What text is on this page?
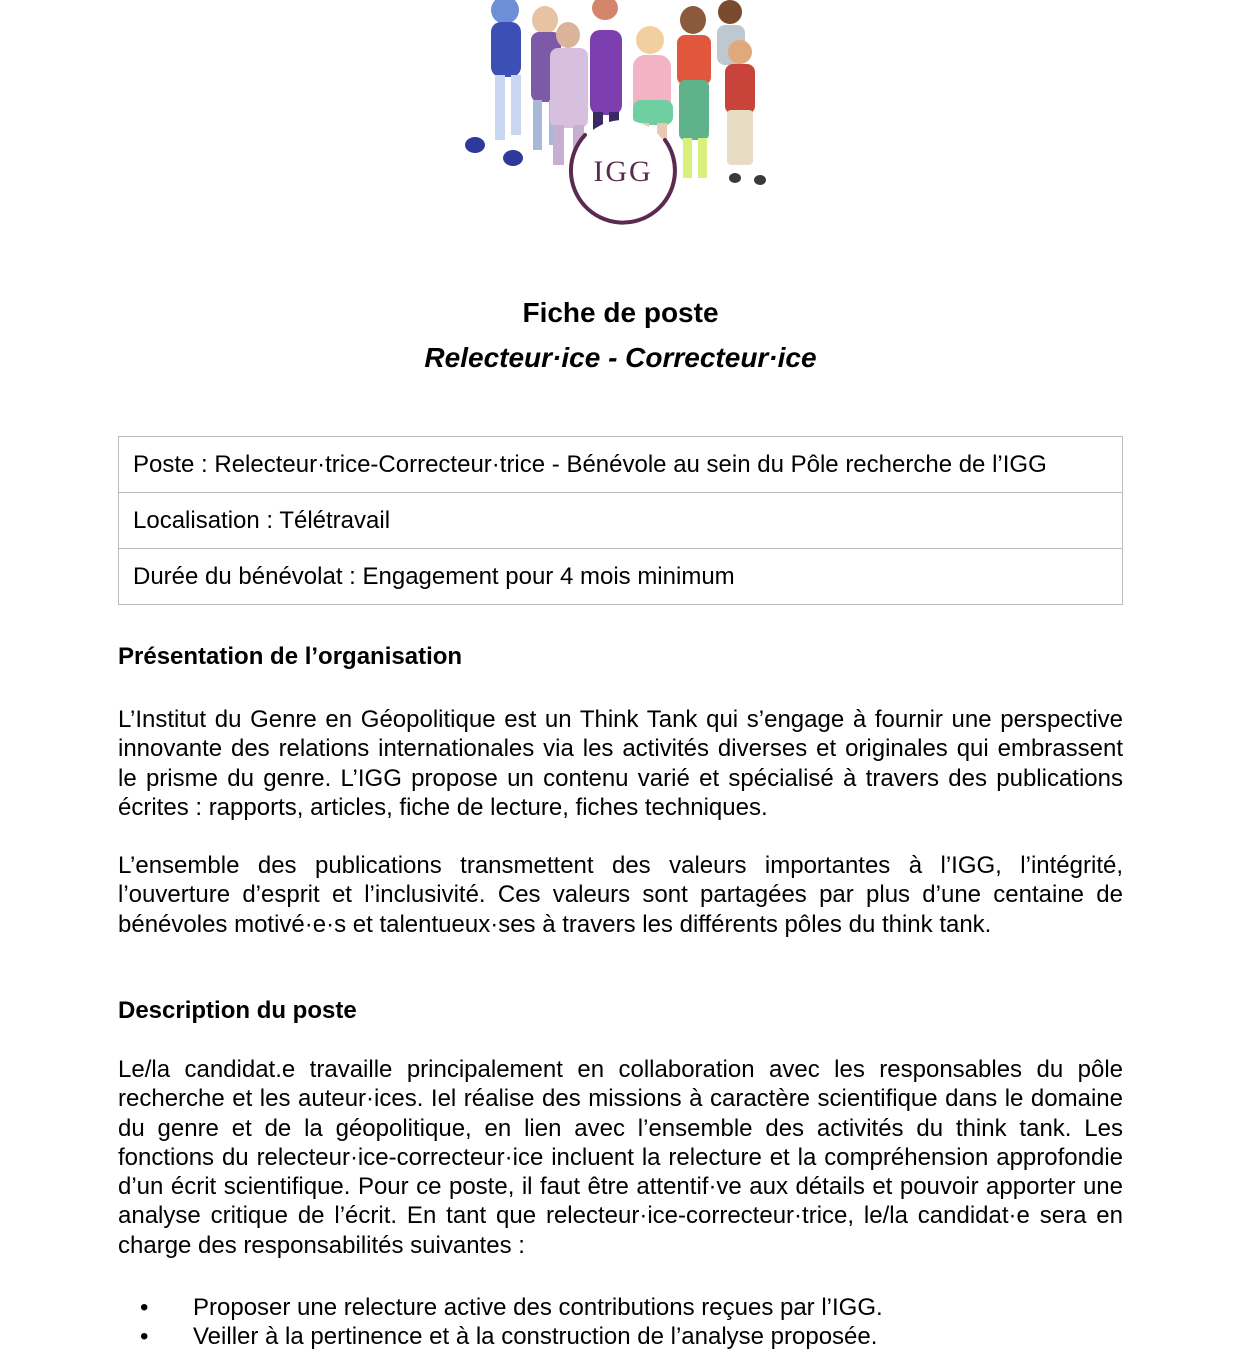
IGG
Fiche de poste
Relecteur·ice - Correcteur·ice
Poste : Relecteur·trice-Correcteur·trice - Bénévole au sein du Pôle recherche de l’IGG
Localisation : Télétravail
Durée du bénévolat : Engagement pour 4 mois minimum
Présentation de l’organisation

L’Institut du Genre en Géopolitique est un Think Tank qui s’engage à fournir une perspective innovante des relations internationales via les activités diverses et originales qui embrassent le prisme du genre. L’IGG propose un contenu varié et spécialisé à travers des publications écrites : rapports, articles, fiche de lecture, fiches techniques.

L’ensemble des publications transmettent des valeurs importantes à l’IGG, l’intégrité, l’ouverture d’esprit et l’inclusivité. Ces valeurs sont partagées par plus d’une centaine de bénévoles motivé·e·s et talentueux·ses à travers les différents pôles du think tank.

Description du poste

Le/la candidat.e travaille principalement en collaboration avec les responsables du pôle recherche et les auteur·ices. Iel réalise des missions à caractère scientifique dans le domaine du genre et de la géopolitique, en lien avec l’ensemble des activités du think tank. Les fonctions du relecteur·ice-correcteur·ice incluent la relecture et la compréhension approfondie d’un écrit scientifique. Pour ce poste, il faut être attentif·ve aux détails et pouvoir apporter une analyse critique de l’écrit. En tant que relecteur·ice-correcteur·trice, le/la candidat·e sera en charge des responsabilités suivantes :

• Proposer une relecture active des contributions reçues par l’IGG.
• Veiller à la pertinence et à la construction de l’analyse proposée.
